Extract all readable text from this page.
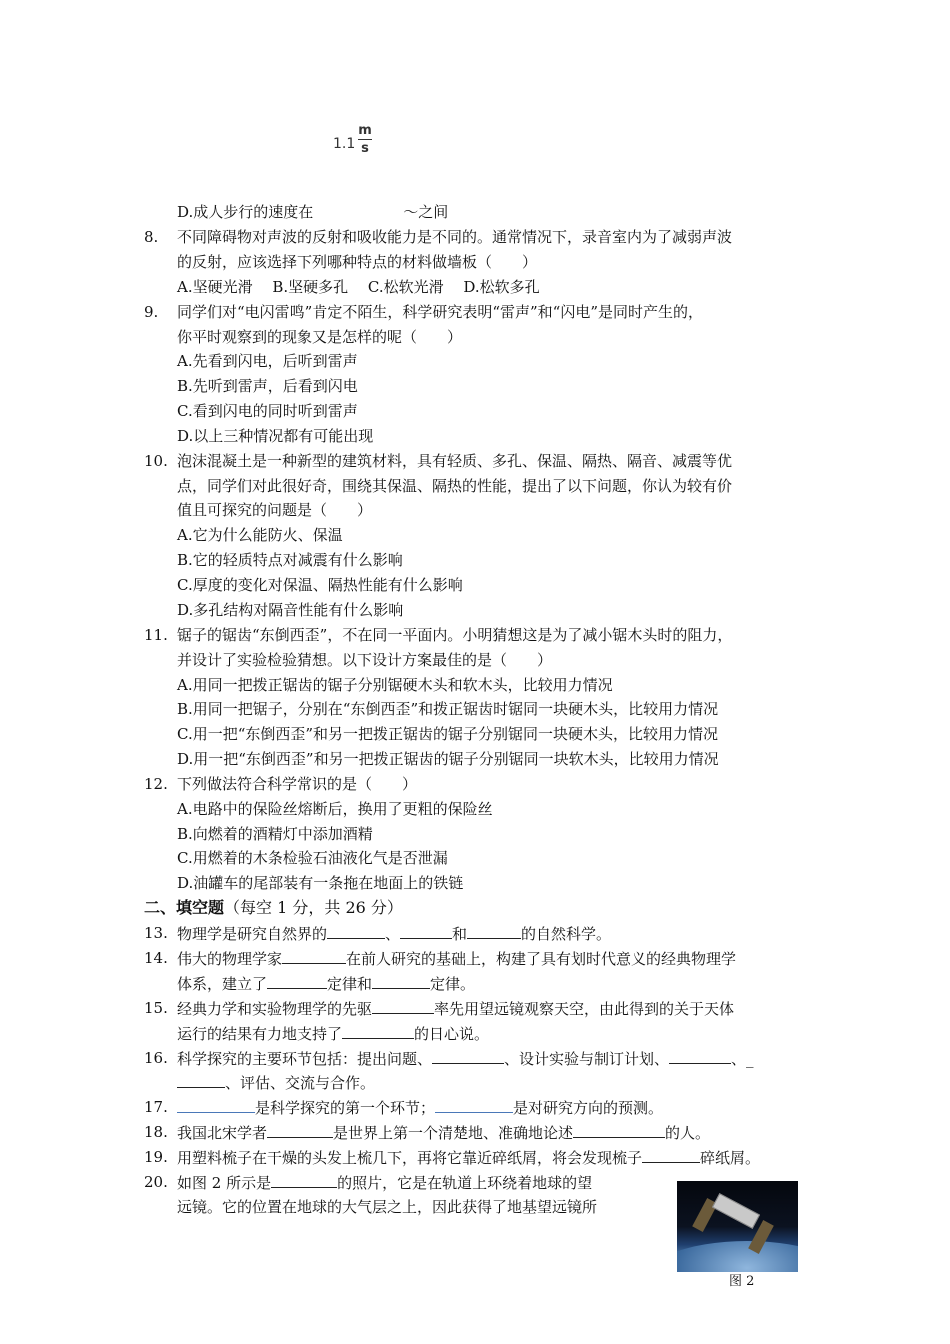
1.1
m
s
D.成人步行的速度在　　　　　　～之间
8. 不同障碍物对声波的反射和吸收能力是不同的。通常情况下，录音室内为了减弱声波
的反射，应该选择下列哪种特点的材料做墙板（　　）
A.坚硬光滑　 B.坚硬多孔　 C.松软光滑　 D.松软多孔
9. 同学们对“电闪雷鸣”肯定不陌生，科学研究表明“雷声”和“闪电”是同时产生的，
你平时观察到的现象又是怎样的呢（　　）
A.先看到闪电，后听到雷声
B.先听到雷声，后看到闪电
C.看到闪电的同时听到雷声
D.以上三种情况都有可能出现
10. 泡沫混凝土是一种新型的建筑材料，具有轻质、多孔、保温、隔热、隔音、减震等优
点，同学们对此很好奇，围绕其保温、隔热的性能，提出了以下问题，你认为较有价
值且可探究的问题是（　　）
A.它为什么能防火、保温
B.它的轻质特点对减震有什么影响
C.厚度的变化对保温、隔热性能有什么影响
D.多孔结构对隔音性能有什么影响
11. 锯子的锯齿“东倒西歪”，不在同一平面内。小明猜想这是为了减小锯木头时的阻力，
并设计了实验检验猜想。以下设计方案最佳的是（　　）
A.用同一把拨正锯齿的锯子分别锯硬木头和软木头，比较用力情况
B.用同一把锯子，分别在“东倒西歪”和拨正锯齿时锯同一块硬木头，比较用力情况
C.用一把“东倒西歪”和另一把拨正锯齿的锯子分别锯同一块硬木头，比较用力情况
D.用一把“东倒西歪”和另一把拨正锯齿的锯子分别锯同一块软木头，比较用力情况
12. 下列做法符合科学常识的是（　　）
A.电路中的保险丝熔断后，换用了更粗的保险丝
B.向燃着的酒精灯中添加酒精
C.用燃着的木条检验石油液化气是否泄漏
D.油罐车的尾部装有一条拖在地面上的铁链
二、填空题（每空 1 分，共 26 分）
13. 物理学是研究自然界的	、	和	的自然科学。
14. 伟大的物理学家	在前人研究的基础上，构建了具有划时代意义的经典物理学
体系，建立了	定律和	定律。
15. 经典力学和实验物理学的先驱	率先用望远镜观察天空，由此得到的关于天体
运行的结果有力地支持了	的日心说。
16. 科学探究的主要环节包括：提出问题、	、设计实验与制订计划、	、_
、评估、交流与合作。
17.	是科学探究的第一个环节；	是对研究方向的预测。
18. 我国北宋学者	是世界上第一个清楚地、准确地论述	的人。
19. 用塑料梳子在干燥的头发上梳几下，再将它靠近碎纸屑，将会发现梳子	碎纸屑。
20. 如图 2 所示是	的照片，它是在轨道上环绕着地球的望
远镜。它的位置在地球的大气层之上，因此获得了地基望远镜所
图 2
